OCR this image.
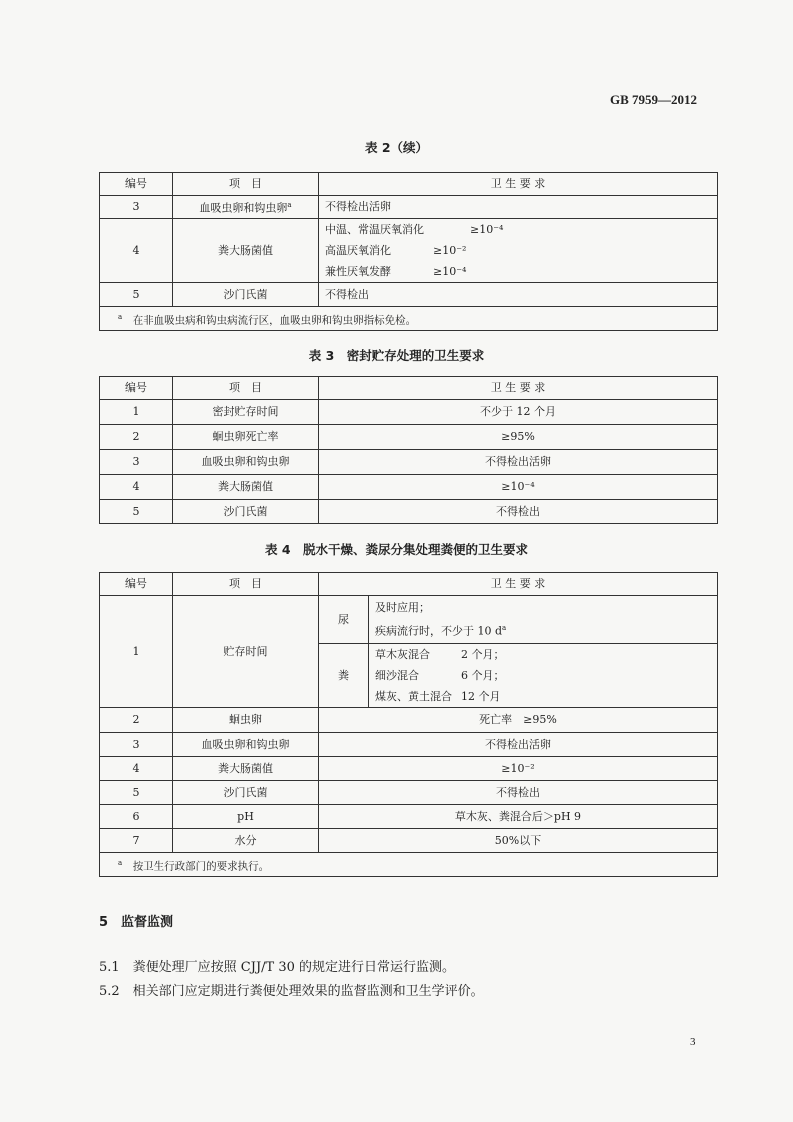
GB 7959—2012
表 2（续）
编号	项　目	卫 生 要 求
3	血吸虫卵和钩虫卵$^a$	不得检出活卵
4	粪大肠菌值	中温、常温厌氧消化 ≥10⁻⁴
高温厌氧消化 ≥10⁻²
兼性厌氧发酵 ≥10⁻⁴

5	沙门氏菌	不得检出
$^a$　 在非血吸虫病和钩虫病流行区，血吸虫卵和钩虫卵指标免检。		
表 3　密封贮存处理的卫生要求
编号	项　目	卫 生 要 求
1	密封贮存时间	不少于 12 个月
2	蛔虫卵死亡率	≥95%
3	血吸虫卵和钩虫卵	不得检出活卵
4	粪大肠菌值	≥10⁻⁴
5	沙门氏菌	不得检出
表 4　脱水干燥、粪尿分集处理粪便的卫生要求
编号	项　目	卫 生 要 求	
1	贮存时间	尿	及时应用；
疾病流行时，不少于 10 $d^a$

		粪	草木灰混合 2 个月；
细沙混合 6 个月；
煤灰、黄土混合 12 个月

2	蛔虫卵	死亡率　≥95%	
3	血吸虫卵和钩虫卵	不得检出活卵	
4	粪大肠菌值	≥10⁻²	
5	沙门氏菌	不得检出	
6	pH	草木灰、粪混合后＞pH 9	
7	水分	50%以下	
$^a$　 按卫生行政部门的要求执行。			
5　监督监测
5.1　粪便处理厂应按照 CJJ/T 30 的规定进行日常运行监测。
5.2　相关部门应定期进行粪便处理效果的监督监测和卫生学评价。
3
